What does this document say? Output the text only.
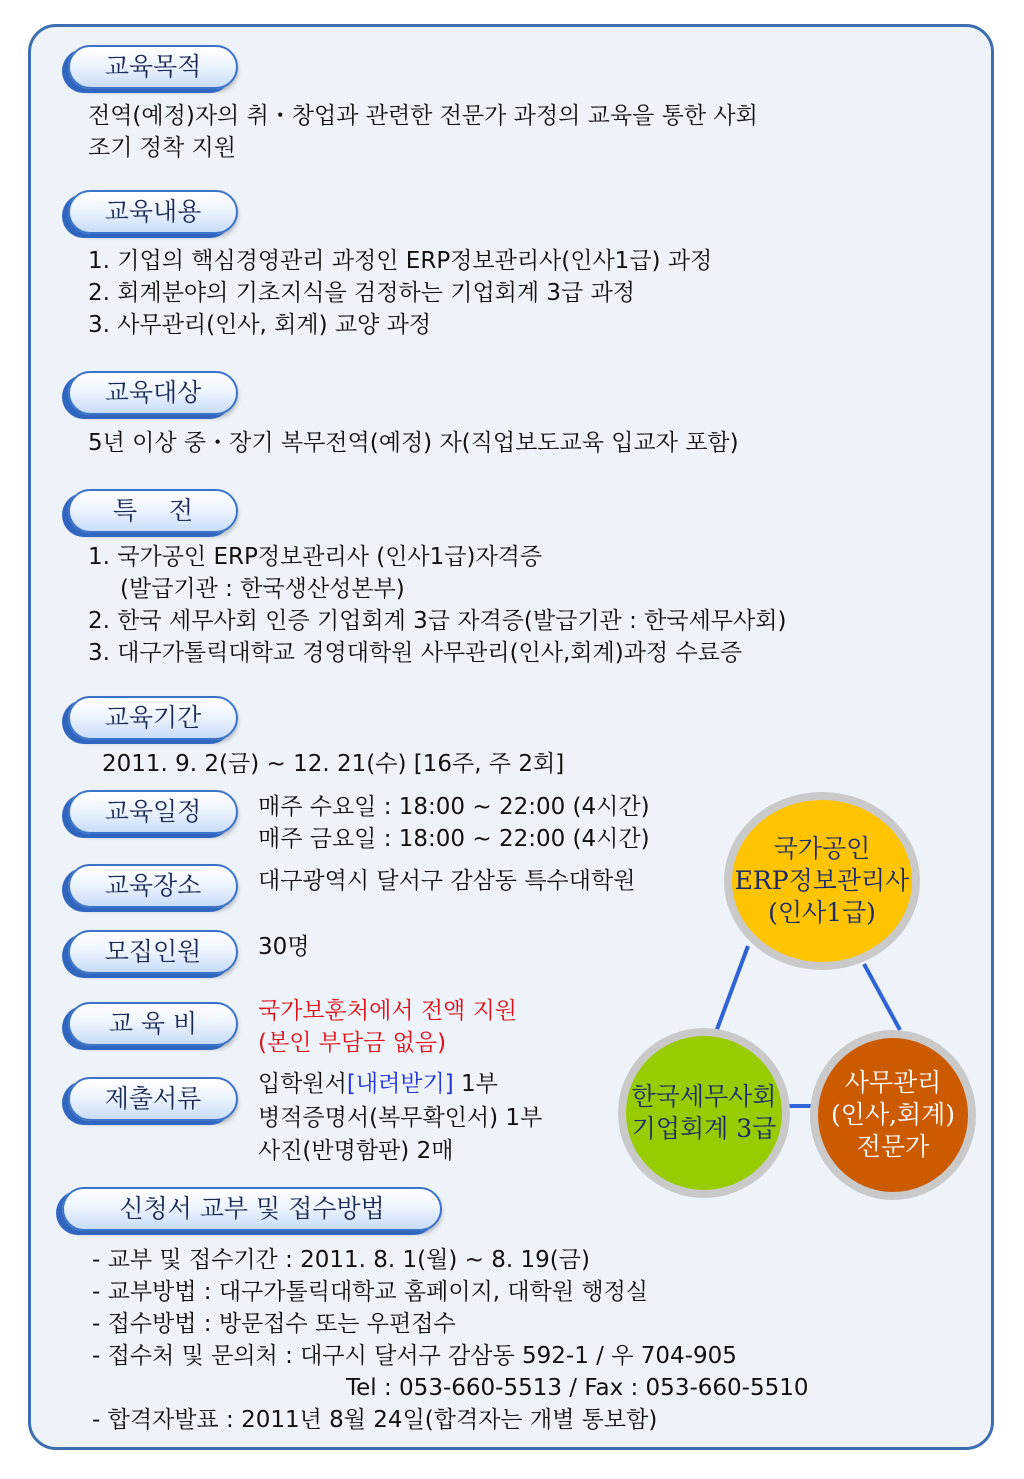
교육목적
전역(예정)자의 취・창업과 관련한 전문가 과정의 교육을 통한 사회
조기 정착 지원
교육내용
1. 기업의 핵심경영관리 과정인 ERP정보관리사(인사1급) 과정
2. 회계분야의 기초지식을 검정하는 기업회계 3급 과정
3. 사무관리(인사, 회계) 교양 과정
교육대상
5년 이상 중・장기 복무전역(예정) 자(직업보도교육 입교자 포함)
특    전
1. 국가공인 ERP정보관리사 (인사1급)자격증
(발급기관 : 한국생산성본부)
2. 한국 세무사회 인증 기업회계 3급 자격증(발급기관 : 한국세무사회)
3. 대구가톨릭대학교 경영대학원 사무관리(인사,회계)과정 수료증
교육기간
2011. 9. 2(금) ~ 12. 21(수) [16주, 주 2회]
교육일정	매주 수요일 : 18:00 ~ 22:00 (4시간)
매주 금요일 : 18:00 ~ 22:00 (4시간)
교육장소	대구광역시 달서구 감삼동 특수대학원
모집인원	30명
교 육 비	국가보훈처에서 전액 지원
(본인 부담금 없음)
제출서류	입학원서[내려받기] 1부
병적증명서(복무확인서) 1부
사진(반명함판) 2매
신청서 교부 및 접수방법
- 교부 및 접수기간 : 2011. 8. 1(월) ~ 8. 19(금)
- 교부방법 : 대구가톨릭대학교 홈페이지, 대학원 행정실
- 접수방법 : 방문접수 또는 우편접수
- 접수처 및 문의처 : 대구시 달서구 감삼동 592-1 / 우 704-905
Tel : 053-660-5513 / Fax : 053-660-5510
- 합격자발표 : 2011년 8월 24일(합격자는 개별 통보함)
국가공인
ERP정보관리사
(인사1급)
한국세무사회
기업회계 3급
사무관리
(인사,회계)
전문가
